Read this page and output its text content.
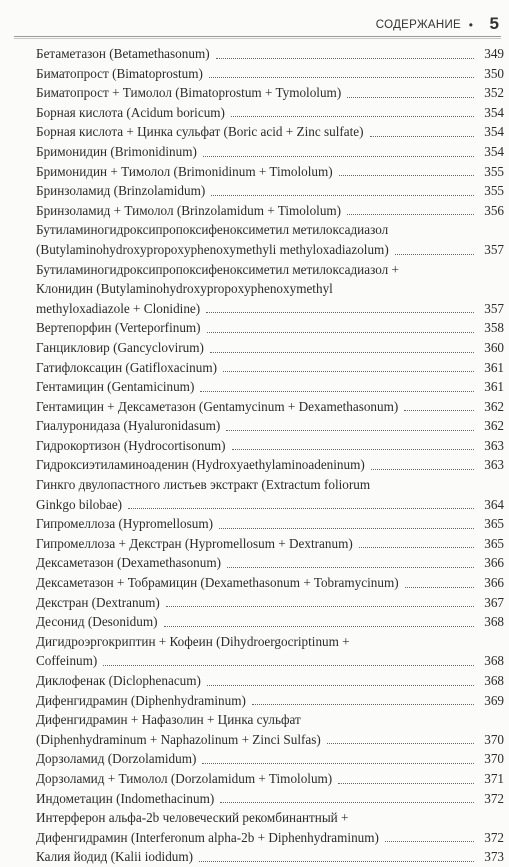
СОДЕРЖАНИЕ • 5
Бетаметазон (Betamethasonum)	349
Биматопрост (Bimatoprostum)	350
Биматопрост + Тимолол (Bimatoprostum + Tymololum)	352
Борная кислота (Acidum boricum)	354
Борная кислота + Цинка сульфат (Boric acid + Zinc sulfate)	354
Бримонидин (Brimonidinum)	354
Бримонидин + Тимолол (Brimonidinum + Timololum)	355
Бринзоламид (Brinzolamidum)	355
Бринзоламид + Тимолол (Brinzolamidum + Timololum)	356
Бутиламиногидроксипропоксифеноксиметил метилоксадиазол
(Butylaminohydroxypropoxyphenoxymethyli methyloxadiazolum)	357
Бутиламиногидроксипропоксифеноксиметил метилоксадиазол +
Клонидин (Butylaminohydroxypropoxyphenoxymethyl
methyloxadiazole + Clonidine)	357
Вертепорфин (Verteporfinum)	358
Ганцикловир (Gancyclovirum)	360
Гатифлоксацин (Gatifloxacinum)	361
Гентамицин (Gentamicinum)	361
Гентамицин + Дексаметазон (Gentamycinum + Dexamethasonum)	362
Гиалуронидаза (Hyaluronidasum)	362
Гидрокортизон (Hydrocortisonum)	363
Гидроксиэтиламиноаденин (Hydroxyaethylaminoadeninum)	363
Гинкго двулопастного листьев экстракт (Extractum foliorum
Ginkgo bilobae)	364
Гипромеллоза (Hypromellosum)	365
Гипромеллоза + Декстран (Hypromellosum + Dextranum)	365
Дексаметазон (Dexamethasonum)	366
Дексаметазон + Тобрамицин (Dexamethasonum + Tobramycinum)	366
Декстран (Dextranum)	367
Десонид (Desonidum)	368
Дигидроэргокриптин + Кофеин (Dihydroergocriptinum +
Coffeinum)	368
Диклофенак (Diclophenacum)	368
Дифенгидрамин (Diphenhydraminum)	369
Дифенгидрамин + Нафазолин + Цинка сульфат
(Diphenhydraminum + Naphazolinum + Zinci Sulfas)	370
Дорзоламид (Dorzolamidum)	370
Дорзоламид + Тимолол (Dorzolamidum + Timololum)	371
Индометацин (Indomethacinum)	372
Интерферон альфа-2b человеческий рекомбинантный +
Дифенгидрамин (Interferonum alpha-2b + Diphenhydraminum)	372
Калия йодид (Kalii iodidum)	373
